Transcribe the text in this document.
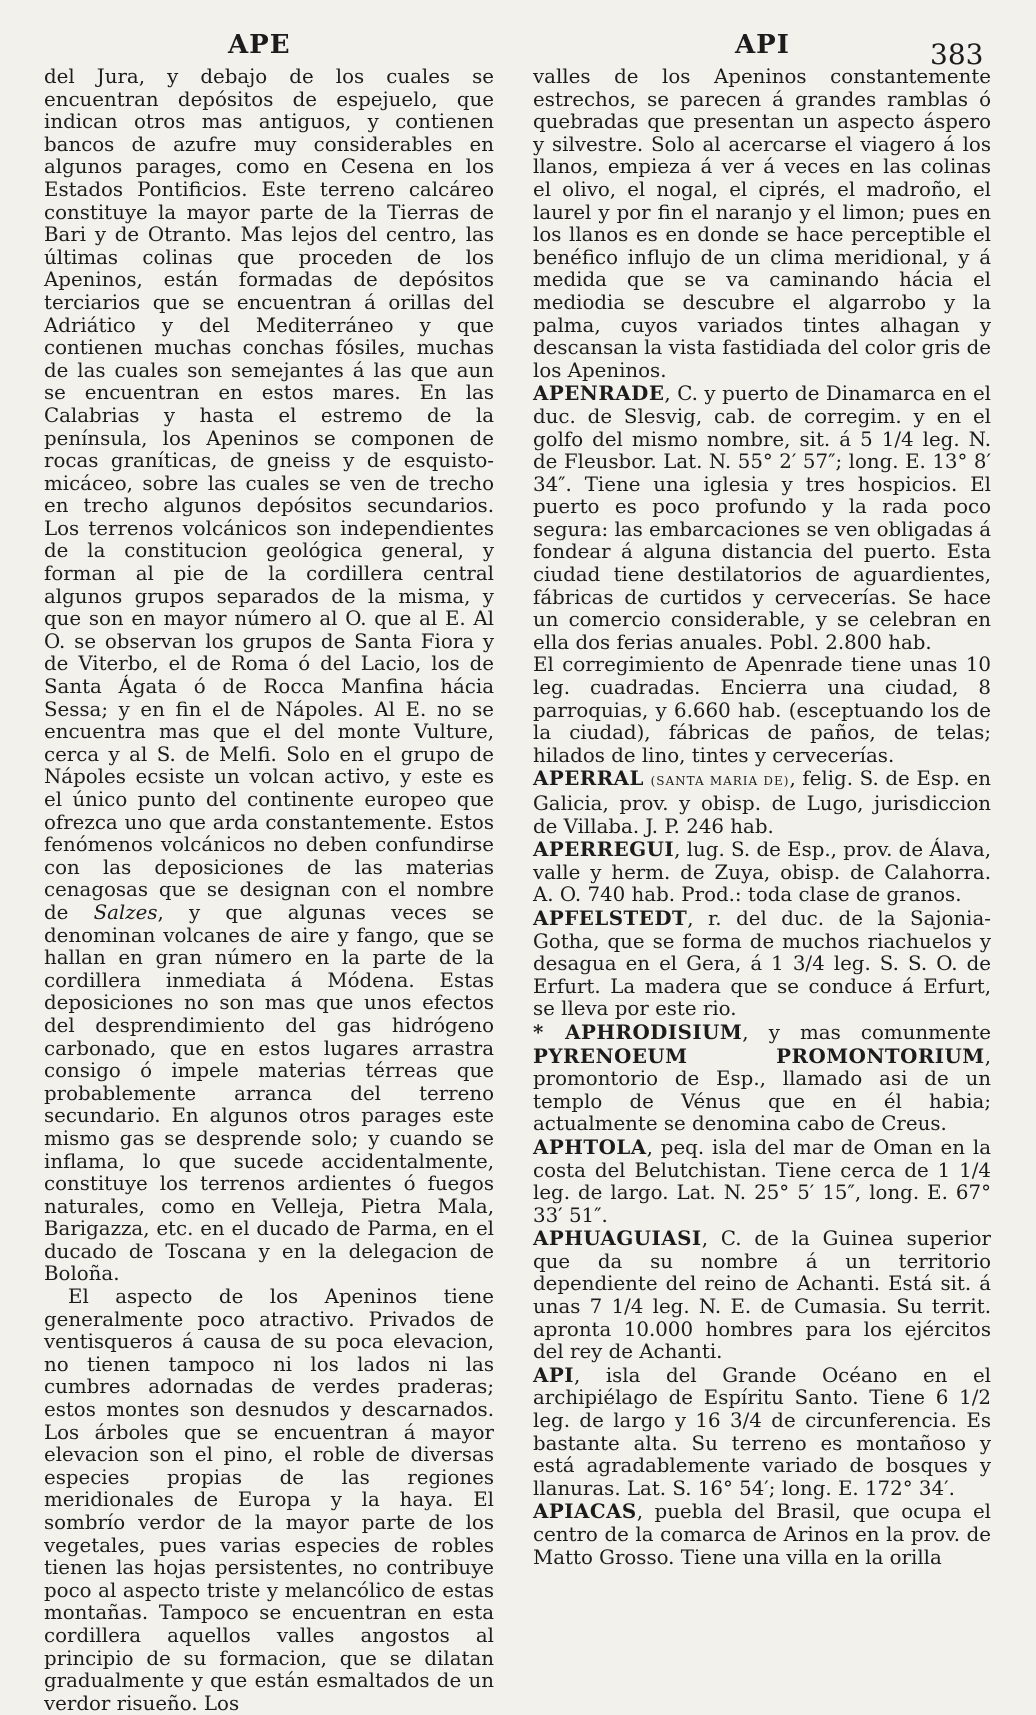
APE	API	383

del Jura, y debajo de los cuales se encuentran depósitos de espejuelo, que indican otros mas antiguos, y contienen bancos de azufre muy considerables en algunos parages, como en Cesena en los Estados Pontificios. Este terreno calcáreo constituye la mayor parte de la Tierras de Bari y de Otranto. Mas lejos del centro, las últimas colinas que proceden de los Apeninos, están formadas de depósitos terciarios que se encuentran á orillas del Adriático y del Mediterráneo y que contienen muchas conchas fósiles, muchas de las cuales son semejantes á las que aun se encuentran en estos mares. En las Calabrias y hasta el estremo de la península, los Apeninos se componen de rocas graníticas, de gneiss y de esquisto-micáceo, sobre las cuales se ven de trecho en trecho algunos depósitos secundarios. Los terrenos volcánicos son independientes de la constitucion geológica general, y forman al pie de la cordillera central algunos grupos separados de la misma, y que son en mayor número al O. que al E. Al O. se observan los grupos de Santa Fiora y de Viterbo, el de Roma ó del Lacio, los de Santa Ágata ó de Rocca Manfina hácia Sessa; y en fin el de Nápoles. Al E. no se encuentra mas que el del monte Vulture, cerca y al S. de Melfi. Solo en el grupo de Nápoles ecsiste un volcan activo, y este es el único punto del continente europeo que ofrezca uno que arda constantemente. Estos fenómenos volcánicos no deben confundirse con las deposiciones de las materias cenagosas que se designan con el nombre de Salzes, y que algunas veces se denominan volcanes de aire y fango, que se hallan en gran número en la parte de la cordillera inmediata á Módena. Estas deposiciones no son mas que unos efectos del desprendimiento del gas hidrógeno carbonado, que en estos lugares arrastra consigo ó impele materias térreas que probablemente arranca del terreno secundario. En algunos otros parages este mismo gas se desprende solo; y cuando se inflama, lo que sucede accidentalmente, constituye los terrenos ardientes ó fuegos naturales, como en Velleja, Pietra Mala, Barigazza, etc. en el ducado de Parma, en el ducado de Toscana y en la delegacion de Boloña.

El aspecto de los Apeninos tiene generalmente poco atractivo. Privados de ventisqueros á causa de su poca elevacion, no tienen tampoco ni los lados ni las cumbres adornadas de verdes praderas; estos montes son desnudos y descarnados. Los árboles que se encuentran á mayor elevacion son el pino, el roble de diversas especies propias de las regiones meridionales de Europa y la haya. El sombrío verdor de la mayor parte de los vegetales, pues varias especies de robles tienen las hojas persistentes, no contribuye poco al aspecto triste y melancólico de estas montañas. Tampoco se encuentran en esta cordillera aquellos valles angostos al principio de su formacion, que se dilatan gradualmente y que están esmaltados de un verdor risueño. Los

valles de los Apeninos constantemente estrechos, se parecen á grandes ramblas ó quebradas que presentan un aspecto áspero y silvestre. Solo al acercarse el viagero á los llanos, empieza á ver á veces en las colinas el olivo, el nogal, el ciprés, el madroño, el laurel y por fin el naranjo y el limon; pues en los llanos es en donde se hace perceptible el benéfico influjo de un clima meridional, y á medida que se va caminando hácia el mediodia se descubre el algarrobo y la palma, cuyos variados tintes alhagan y descansan la vista fastidiada del color gris de los Apeninos.

APENRADE, C. y puerto de Dinamarca en el duc. de Slesvig, cab. de corregim. y en el golfo del mismo nombre, sit. á 5 1/4 leg. N. de Fleusbor. Lat. N. 55° 2′ 57″; long. E. 13° 8′ 34″. Tiene una iglesia y tres hospicios. El puerto es poco profundo y la rada poco segura: las embarcaciones se ven obligadas á fondear á alguna distancia del puerto. Esta ciudad tiene destilatorios de aguardientes, fábricas de curtidos y cervecerías. Se hace un comercio considerable, y se celebran en ella dos ferias anuales. Pobl. 2.800 hab.

El corregimiento de Apenrade tiene unas 10 leg. cuadradas. Encierra una ciudad, 8 parroquias, y 6.660 hab. (esceptuando los de la ciudad), fábricas de paños, de telas; hilados de lino, tintes y cervecerías.

APERRAL (SANTA MARIA DE), felig. S. de Esp. en Galicia, prov. y obisp. de Lugo, jurisdiccion de Villaba. J. P. 246 hab.

APERREGUI, lug. S. de Esp., prov. de Álava, valle y herm. de Zuya, obisp. de Calahorra. A. O. 740 hab. Prod.: toda clase de granos.

APFELSTEDT, r. del duc. de la Sajonia-Gotha, que se forma de muchos riachuelos y desagua en el Gera, á 1 3/4 leg. S. S. O. de Erfurt. La madera que se conduce á Erfurt, se lleva por este rio.

* APHRODISIUM, y mas comunmente PYRENOEUM PROMONTORIUM, promontorio de Esp., llamado asi de un templo de Vénus que en él habia; actualmente se denomina cabo de Creus.

APHTOLA, peq. isla del mar de Oman en la costa del Belutchistan. Tiene cerca de 1 1/4 leg. de largo. Lat. N. 25° 5′ 15″, long. E. 67° 33′ 51″.

APHUAGUIASI, C. de la Guinea superior que da su nombre á un territorio dependiente del reino de Achanti. Está sit. á unas 7 1/4 leg. N. E. de Cumasia. Su territ. apronta 10.000 hombres para los ejércitos del rey de Achanti.

API, isla del Grande Océano en el archipiélago de Espíritu Santo. Tiene 6 1/2 leg. de largo y 16 3/4 de circunferencia. Es bastante alta. Su terreno es montañoso y está agradablemente variado de bosques y llanuras. Lat. S. 16° 54′; long. E. 172° 34′.

APIACAS, puebla del Brasil, que ocupa el centro de la comarca de Arinos en la prov. de Matto Grosso. Tiene una villa en la orilla
